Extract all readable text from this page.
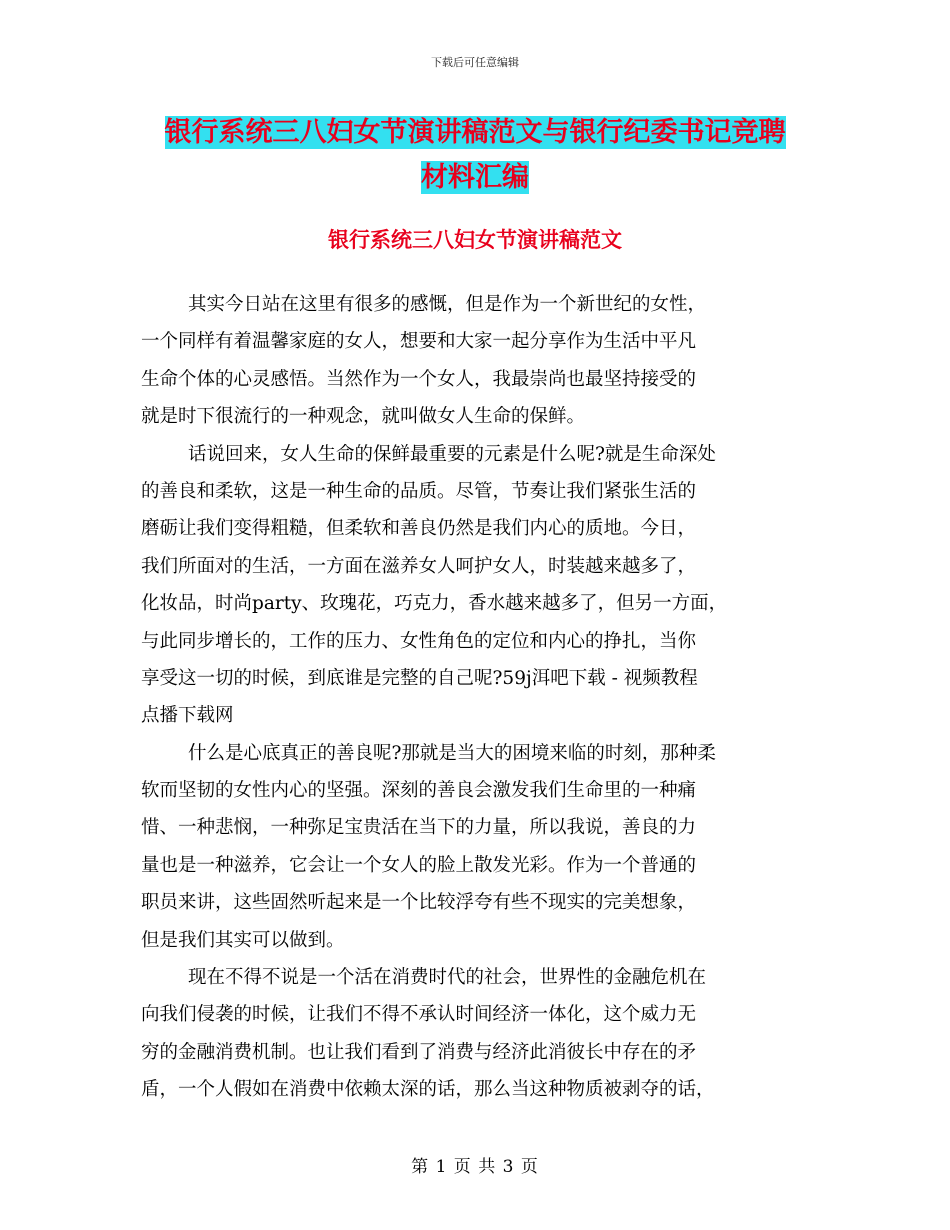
下载后可任意编辑
银行系统三八妇女节演讲稿范文与银行纪委书记竞聘
材料汇编
银行系统三八妇女节演讲稿范文
其实今日站在这里有很多的感慨，但是作为一个新世纪的女性，
一个同样有着温馨家庭的女人，想要和大家一起分享作为生活中平凡
生命个体的心灵感悟。当然作为一个女人，我最崇尚也最坚持接受的
就是时下很流行的一种观念，就叫做女人生命的保鲜。
话说回来，女人生命的保鲜最重要的元素是什么呢?就是生命深处
的善良和柔软，这是一种生命的品质。尽管，节奏让我们紧张生活的
磨砺让我们变得粗糙，但柔软和善良仍然是我们内心的质地。今日，
我们所面对的生活，一方面在滋养女人呵护女人，时装越来越多了，
化妆品，时尚party、玫瑰花，巧克力，香水越来越多了，但另一方面，
与此同步增长的，工作的压力、女性角色的定位和内心的挣扎，当你
享受这一切的时候，到底谁是完整的自己呢?59j洱吧下载 - 视频教程
点播下载网
什么是心底真正的善良呢?那就是当大的困境来临的时刻，那种柔
软而坚韧的女性内心的坚强。深刻的善良会激发我们生命里的一种痛
惜、一种悲悯，一种弥足宝贵活在当下的力量，所以我说，善良的力
量也是一种滋养，它会让一个女人的脸上散发光彩。作为一个普通的
职员来讲，这些固然听起来是一个比较浮夸有些不现实的完美想象，
但是我们其实可以做到。
现在不得不说是一个活在消费时代的社会，世界性的金融危机在
向我们侵袭的时候，让我们不得不承认时间经济一体化，这个威力无
穷的金融消费机制。也让我们看到了消费与经济此消彼长中存在的矛
盾，一个人假如在消费中依赖太深的话，那么当这种物质被剥夺的话，
第 1 页 共 3 页
